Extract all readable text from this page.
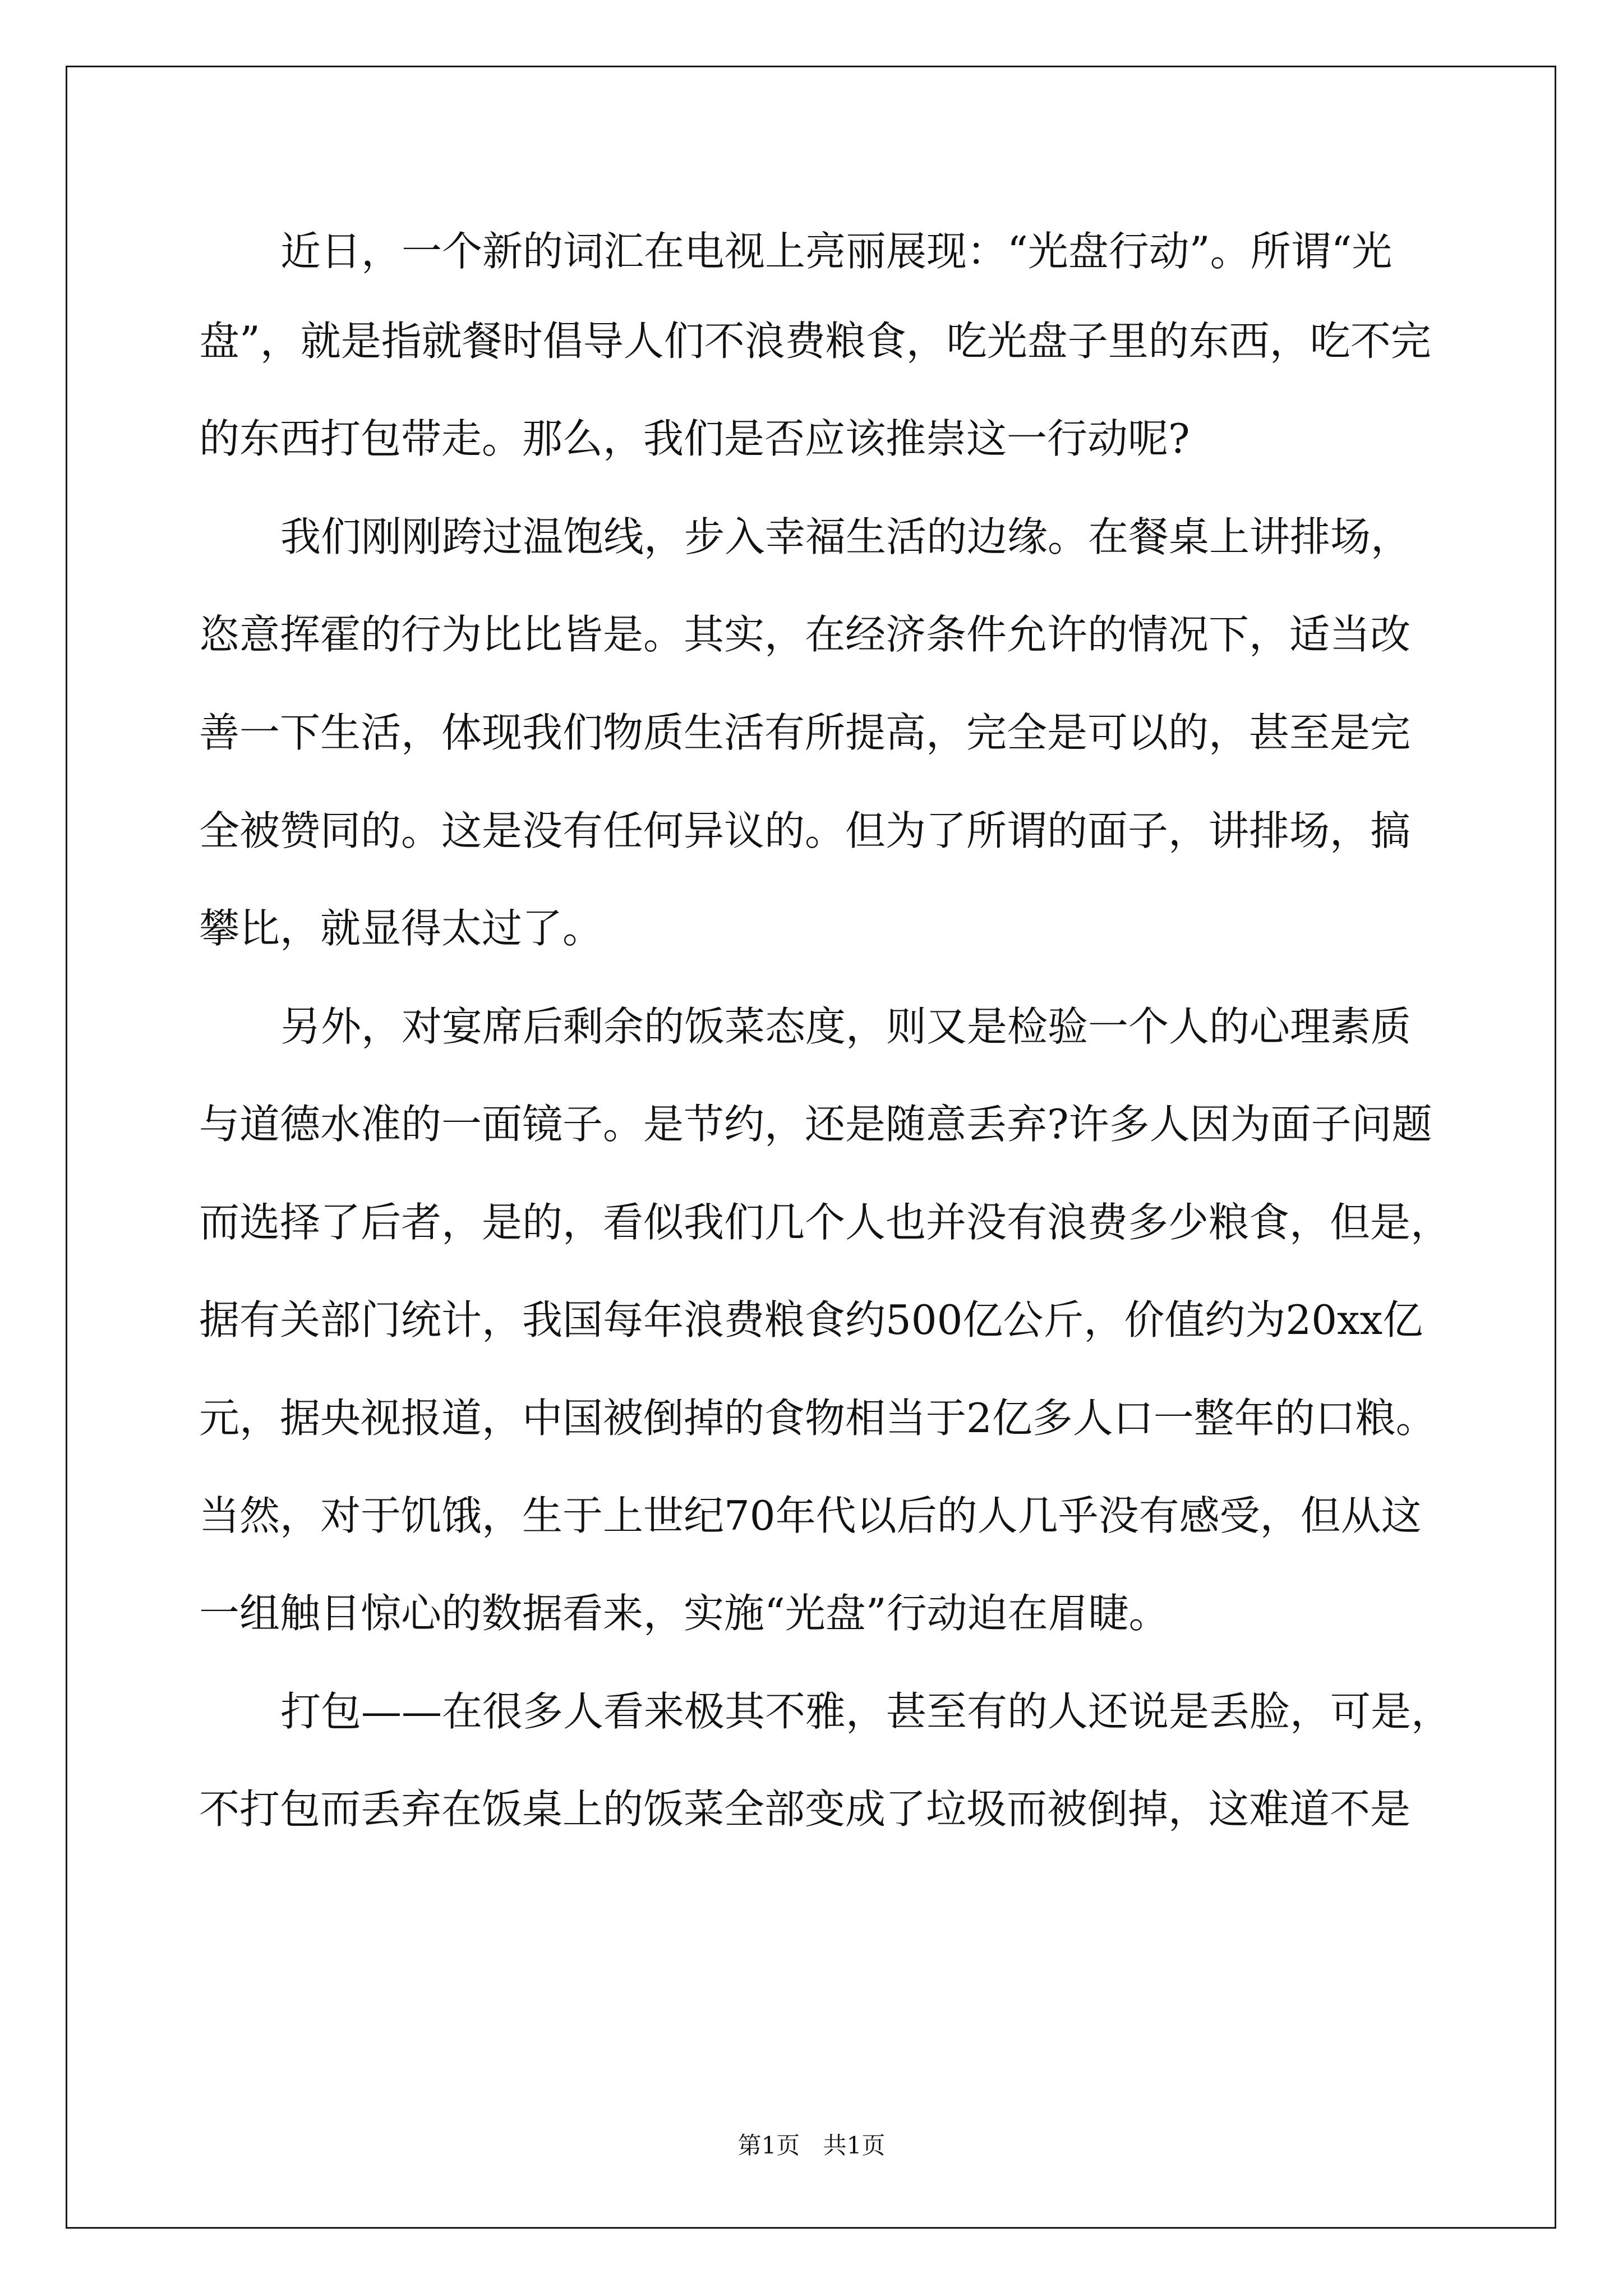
近日，一个新的词汇在电视上亮丽展现：“光盘行动”。所谓“光

盘”，就是指就餐时倡导人们不浪费粮食，吃光盘子里的东西，吃不完

的东西打包带走。那么，我们是否应该推崇这一行动呢?

我们刚刚跨过温饱线，步入幸福生活的边缘。在餐桌上讲排场，

恣意挥霍的行为比比皆是。其实，在经济条件允许的情况下，适当改

善一下生活，体现我们物质生活有所提高，完全是可以的，甚至是完

全被赞同的。这是没有任何异议的。但为了所谓的面子，讲排场，搞

攀比，就显得太过了。

另外，对宴席后剩余的饭菜态度，则又是检验一个人的心理素质

与道德水准的一面镜子。是节约，还是随意丢弃?许多人因为面子问题

而选择了后者，是的，看似我们几个人也并没有浪费多少粮食，但是，

据有关部门统计，我国每年浪费粮食约500亿公斤，价值约为20xx亿

元，据央视报道，中国被倒掉的食物相当于2亿多人口一整年的口粮。

当然，对于饥饿，生于上世纪70年代以后的人几乎没有感受，但从这

一组触目惊心的数据看来，实施“光盘”行动迫在眉睫。

打包——在很多人看来极其不雅，甚至有的人还说是丢脸，可是，

不打包而丢弃在饭桌上的饭菜全部变成了垃圾而被倒掉，这难道不是

第1页 共1页
